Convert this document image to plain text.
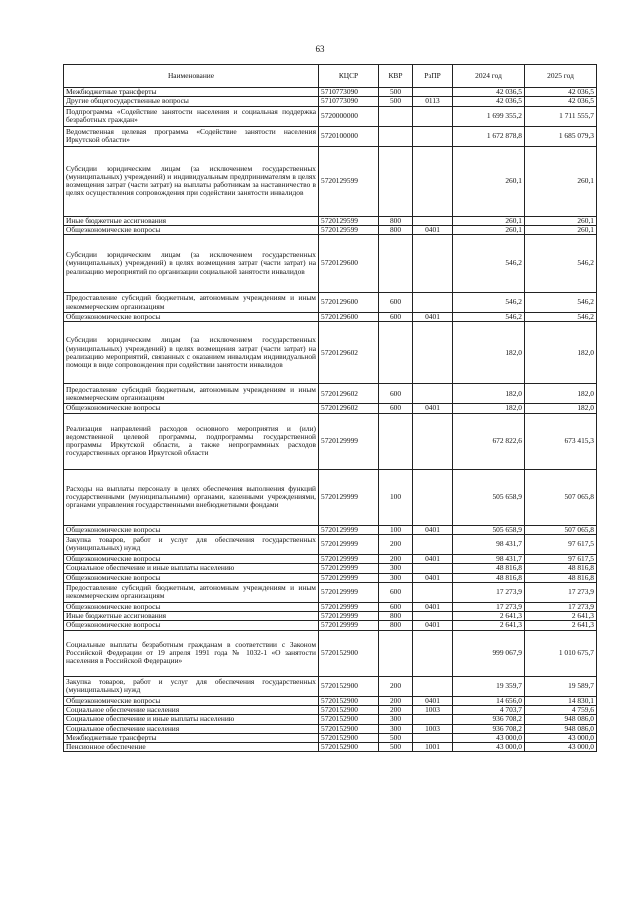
63
Наименование	КЦСР	КВР	РзПР	2024 год	2025 год
Межбюджетные трансферты	5710773090	500		42 036,5	42 036,5
Другие общегосударственные вопросы	5710773090	500	0113	42 036,5	42 036,5
Подпрограмма «Содействие занятости населения и социальная поддержка безработных граждан»	5720000000			1 699 355,2	1 711 555,7
Ведомственная целевая программа «Содействие занятости населения Иркутской области»	5720100000			1 672 878,8	1 685 079,3
Субсидии юридическим лицам (за исключением государственных (муниципальных) учреждений) и индивидуальным предпринимателям в целях возмещения затрат (части затрат) на выплаты работникам за наставничество в целях осуществления сопровождения при содействии занятости инвалидов	5720129599			260,1	260,1
Иные бюджетные ассигнования	5720129599	800		260,1	260,1
Общеэкономические вопросы	5720129599	800	0401	260,1	260,1
Субсидии юридическим лицам (за исключением государственных (муниципальных) учреждений) в целях возмещения затрат (части затрат) на реализацию мероприятий по организации социальной занятости инвалидов	5720129600			546,2	546,2
Предоставление субсидий бюджетным, автономным учреждениям и иным некоммерческим организациям	5720129600	600		546,2	546,2
Общеэкономические вопросы	5720129600	600	0401	546,2	546,2
Субсидии юридическим лицам (за исключением государственных (муниципальных) учреждений) в целях возмещения затрат (части затрат) на реализацию мероприятий, связанных с оказанием инвалидам индивидуальной помощи в виде сопровождения при содействии занятости инвалидов	5720129602			182,0	182,0
Предоставление субсидий бюджетным, автономным учреждениям и иным некоммерческим организациям	5720129602	600		182,0	182,0
Общеэкономические вопросы	5720129602	600	0401	182,0	182,0
Реализация направлений расходов основного мероприятия и (или) ведомственной целевой программы, подпрограммы государственной программы Иркутской области, а также непрограммных расходов государственных органов Иркутской области	5720129999			672 822,6	673 415,3
Расходы на выплаты персоналу в целях обеспечения выполнения функций государственными (муниципальными) органами, казенными учреждениями, органами управления государственными внебюджетными фондами	5720129999	100		505 658,9	507 065,8
Общеэкономические вопросы	5720129999	100	0401	505 658,9	507 065,8
Закупка товаров, работ и услуг для обеспечения государственных (муниципальных) нужд	5720129999	200		98 431,7	97 617,5
Общеэкономические вопросы	5720129999	200	0401	98 431,7	97 617,5
Социальное обеспечение и иные выплаты населению	5720129999	300		48 816,8	48 816,8
Общеэкономические вопросы	5720129999	300	0401	48 816,8	48 816,8
Предоставление субсидий бюджетным, автономным учреждениям и иным некоммерческим организациям	5720129999	600		17 273,9	17 273,9
Общеэкономические вопросы	5720129999	600	0401	17 273,9	17 273,9
Иные бюджетные ассигнования	5720129999	800		2 641,3	2 641,3
Общеэкономические вопросы	5720129999	800	0401	2 641,3	2 641,3
Социальные выплаты безработным гражданам в соответствии с Законом Российской Федерации от 19 апреля 1991 года № 1032-1 «О занятости населения в Российской Федерации»	5720152900			999 067,9	1 010 675,7
Закупка товаров, работ и услуг для обеспечения государственных (муниципальных) нужд	5720152900	200		19 359,7	19 589,7
Общеэкономические вопросы	5720152900	200	0401	14 656,0	14 830,1
Социальное обеспечение населения	5720152900	200	1003	4 703,7	4 759,6
Социальное обеспечение и иные выплаты населению	5720152900	300		936 708,2	948 086,0
Социальное обеспечение населения	5720152900	300	1003	936 708,2	948 086,0
Межбюджетные трансферты	5720152900	500		43 000,0	43 000,0
Пенсионное обеспечение	5720152900	500	1001	43 000,0	43 000,0
